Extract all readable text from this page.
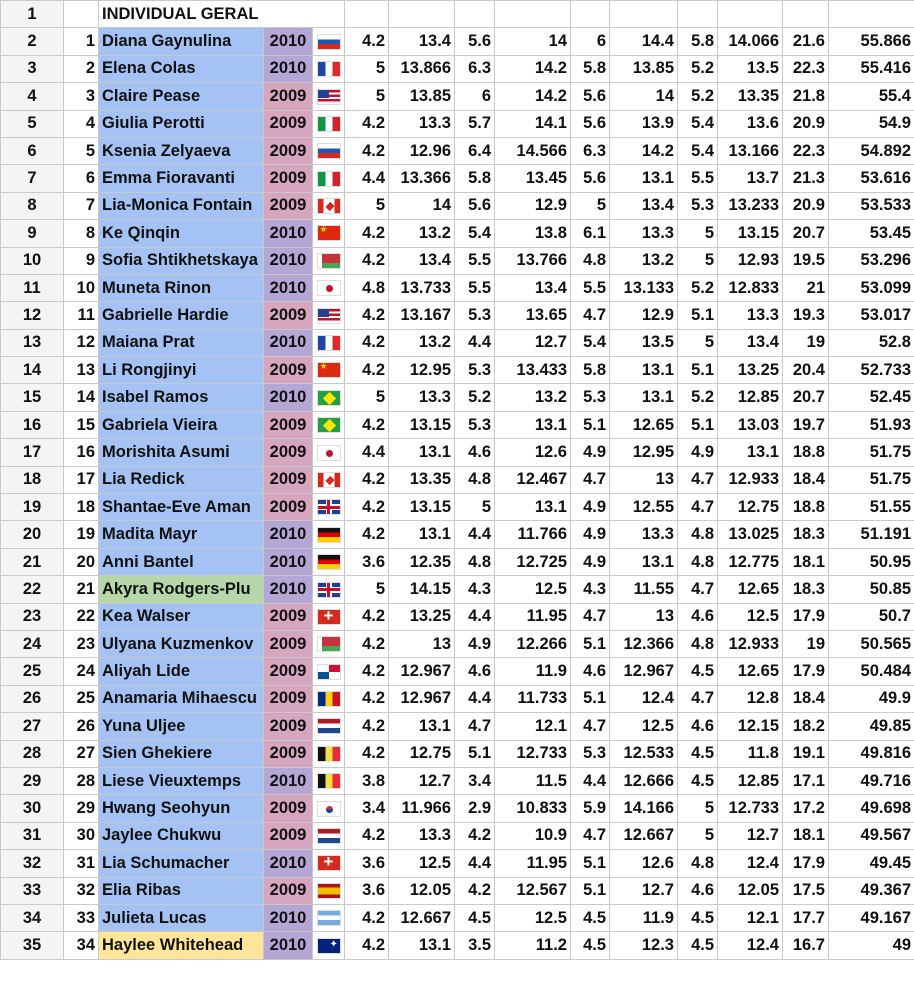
1		INDIVIDUAL GERAL												
2	1	Diana Gaynulina	2010		4.2	13.4	5.6	14	6	14.4	5.8	14.066	21.6	55.866
3	2	Elena Colas	2010		5	13.866	6.3	14.2	5.8	13.85	5.2	13.5	22.3	55.416
4	3	Claire Pease	2009		5	13.85	6	14.2	5.6	14	5.2	13.35	21.8	55.4
5	4	Giulia Perotti	2009		4.2	13.3	5.7	14.1	5.6	13.9	5.4	13.6	20.9	54.9
6	5	Ksenia Zelyaeva	2009		4.2	12.96	6.4	14.566	6.3	14.2	5.4	13.166	22.3	54.892
7	6	Emma Fioravanti	2009		4.4	13.366	5.8	13.45	5.6	13.1	5.5	13.7	21.3	53.616
8	7	Lia-Monica Fontain	2009		5	14	5.6	12.9	5	13.4	5.3	13.233	20.9	53.533
9	8	Ke Qinqin	2010	★	4.2	13.2	5.4	13.8	6.1	13.3	5	13.15	20.7	53.45
10	9	Sofia Shtikhetskaya	2010		4.2	13.4	5.5	13.766	4.8	13.2	5	12.93	19.5	53.296
11	10	Muneta Rinon	2010		4.8	13.733	5.5	13.4	5.5	13.133	5.2	12.833	21	53.099
12	11	Gabrielle Hardie	2009		4.2	13.167	5.3	13.65	4.7	12.9	5.1	13.3	19.3	53.017
13	12	Maiana Prat	2010		4.2	13.2	4.4	12.7	5.4	13.5	5	13.4	19	52.8
14	13	Li Rongjinyi	2009	★	4.2	12.95	5.3	13.433	5.8	13.1	5.1	13.25	20.4	52.733
15	14	Isabel Ramos	2010		5	13.3	5.2	13.2	5.3	13.1	5.2	12.85	20.7	52.45
16	15	Gabriela Vieira	2009		4.2	13.15	5.3	13.1	5.1	12.65	5.1	13.03	19.7	51.93
17	16	Morishita Asumi	2009		4.4	13.1	4.6	12.6	4.9	12.95	4.9	13.1	18.8	51.75
18	17	Lia Redick	2009		4.2	13.35	4.8	12.467	4.7	13	4.7	12.933	18.4	51.75
19	18	Shantae-Eve Aman	2009		4.2	13.15	5	13.1	4.9	12.55	4.7	12.75	18.8	51.55
20	19	Madita Mayr	2010		4.2	13.1	4.4	11.766	4.9	13.3	4.8	13.025	18.3	51.191
21	20	Anni Bantel	2010		3.6	12.35	4.8	12.725	4.9	13.1	4.8	12.775	18.1	50.95
22	21	Akyra Rodgers-Plu	2010		5	14.15	4.3	12.5	4.3	11.55	4.7	12.65	18.3	50.85
23	22	Kea Walser	2009	+	4.2	13.25	4.4	11.95	4.7	13	4.6	12.5	17.9	50.7
24	23	Ulyana Kuzmenkov	2009		4.2	13	4.9	12.266	5.1	12.366	4.8	12.933	19	50.565
25	24	Aliyah Lide	2009		4.2	12.967	4.6	11.9	4.6	12.967	4.5	12.65	17.9	50.484
26	25	Anamaria Mihaescu	2009		4.2	12.967	4.4	11.733	5.1	12.4	4.7	12.8	18.4	49.9
27	26	Yuna Uljee	2009		4.2	13.1	4.7	12.1	4.7	12.5	4.6	12.15	18.2	49.85
28	27	Sien Ghekiere	2009		4.2	12.75	5.1	12.733	5.3	12.533	4.5	11.8	19.1	49.816
29	28	Liese Vieuxtemps	2010		3.8	12.7	3.4	11.5	4.4	12.666	4.5	12.85	17.1	49.716
30	29	Hwang Seohyun	2009		3.4	11.966	2.9	10.833	5.9	14.166	5	12.733	17.2	49.698
31	30	Jaylee Chukwu	2009		4.2	13.3	4.2	10.9	4.7	12.667	5	12.7	18.1	49.567
32	31	Lia Schumacher	2010	+	3.6	12.5	4.4	11.95	5.1	12.6	4.8	12.4	17.9	49.45
33	32	Elia Ribas	2009		3.6	12.05	4.2	12.567	5.1	12.7	4.6	12.05	17.5	49.367
34	33	Julieta Lucas	2010		4.2	12.667	4.5	12.5	4.5	11.9	4.5	12.1	17.7	49.167
35	34	Haylee Whitehead	2010	✦	4.2	13.1	3.5	11.2	4.5	12.3	4.5	12.4	16.7	49
